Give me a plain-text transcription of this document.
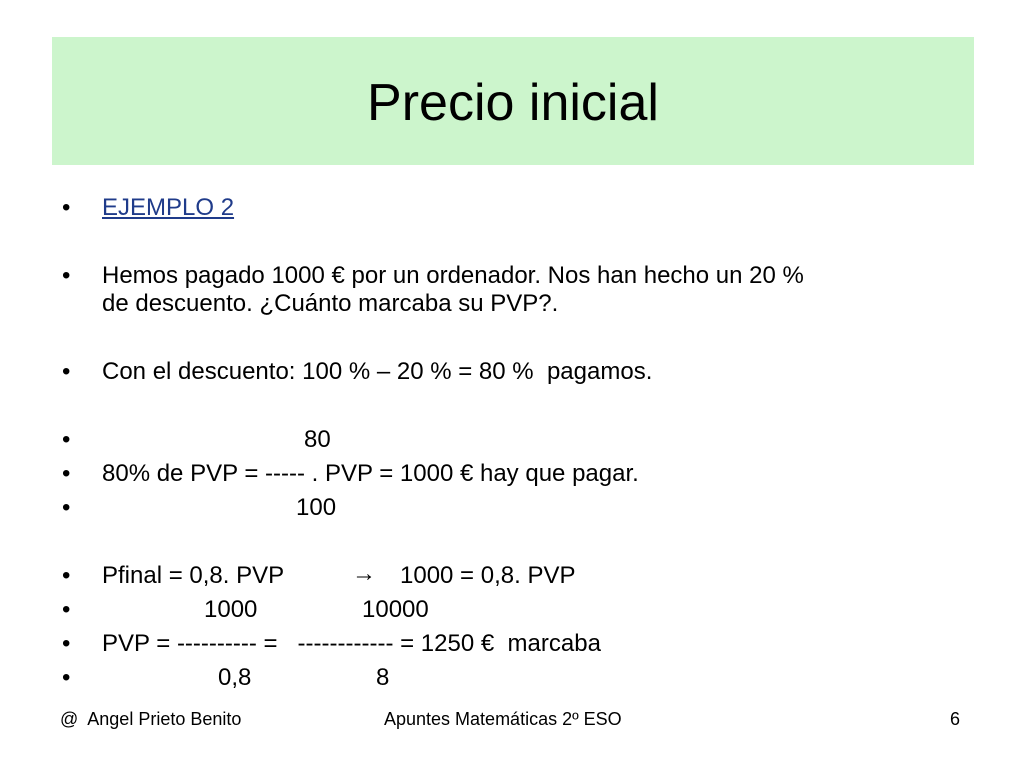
Precio inicial

•

EJEMPLO 2

•

Hemos pagado 1000 € por un ordenador. Nos han hecho un 20 %

de descuento. ¿Cuánto marcaba su PVP?.

•

Con el descuento: 100 % – 20 % = 80 %  pagamos.

•

	80

•

80% de PVP = ----- . PVP = 1000 € hay que pagar.

•

	100

•

Pfinal = 0,8. PVP

	→ 1000 = 0,8. PVP

•

	1000	10000

•

PVP = ---------- =   ------------ = 1250 €  marcaba

•

	0,8	8
@  Angel Prieto Benito	Apuntes Matemáticas 2º ESO	6
